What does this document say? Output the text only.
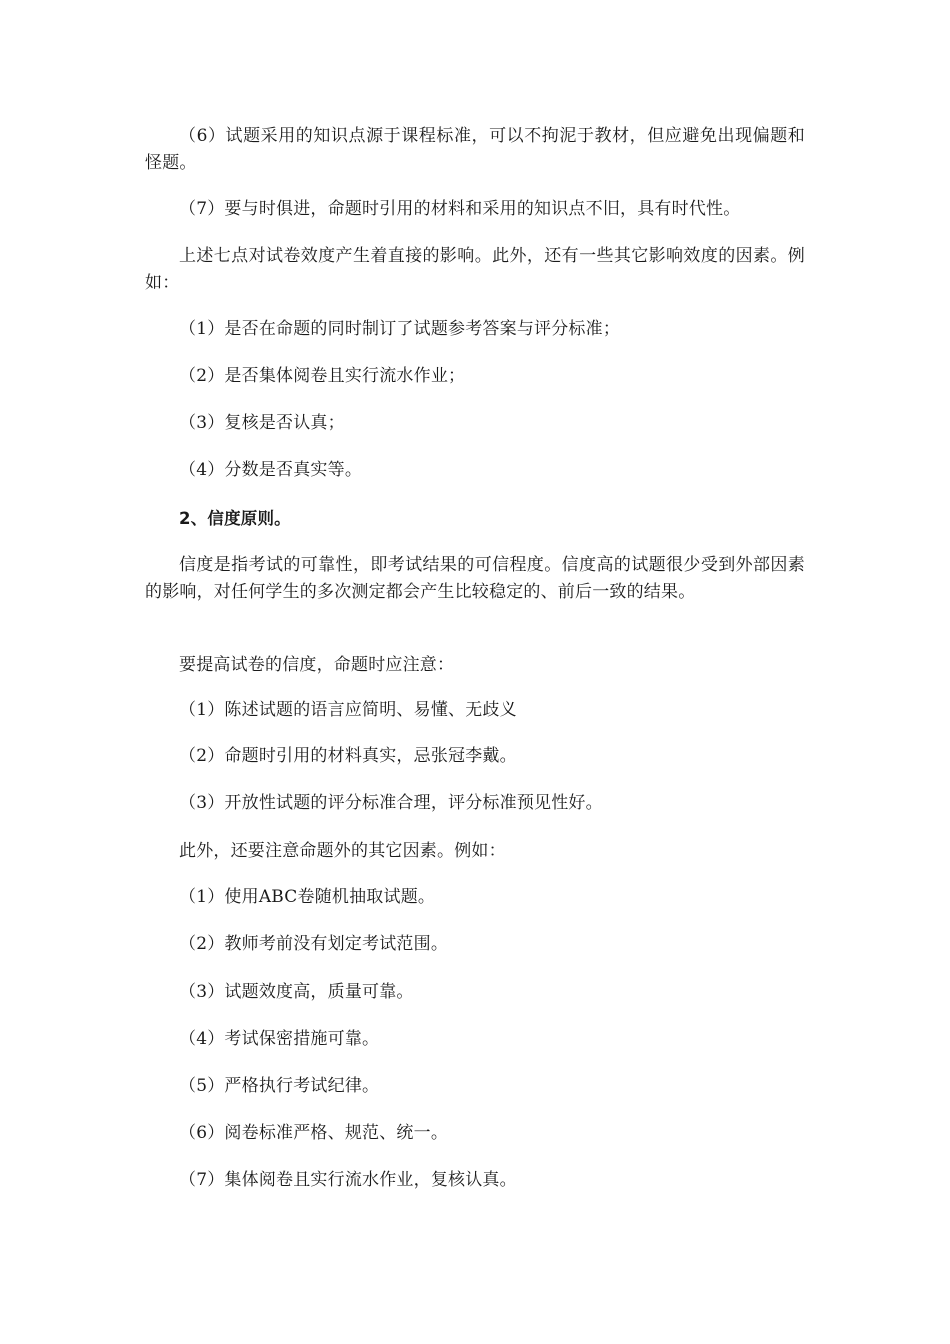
（6）试题采用的知识点源于课程标准，可以不拘泥于教材，但应避免出现偏题和怪题。

（7）要与时俱进，命题时引用的材料和采用的知识点不旧，具有时代性。

上述七点对试卷效度产生着直接的影响。此外，还有一些其它影响效度的因素。例如：

（1）是否在命题的同时制订了试题参考答案与评分标准；

（2）是否集体阅卷且实行流水作业；

（3）复核是否认真；

（4）分数是否真实等。

2、信度原则。

信度是指考试的可靠性，即考试结果的可信程度。信度高的试题很少受到外部因素的影响，对任何学生的多次测定都会产生比较稳定的、前后一致的结果。

要提高试卷的信度，命题时应注意：

（1）陈述试题的语言应简明、易懂、无歧义

（2）命题时引用的材料真实，忌张冠李戴。

（3）开放性试题的评分标准合理，评分标准预见性好。

此外，还要注意命题外的其它因素。例如：

（1）使用ABC卷随机抽取试题。

（2）教师考前没有划定考试范围。

（3）试题效度高，质量可靠。

（4）考试保密措施可靠。

（5）严格执行考试纪律。

（6）阅卷标准严格、规范、统一。

（7）集体阅卷且实行流水作业，复核认真。
